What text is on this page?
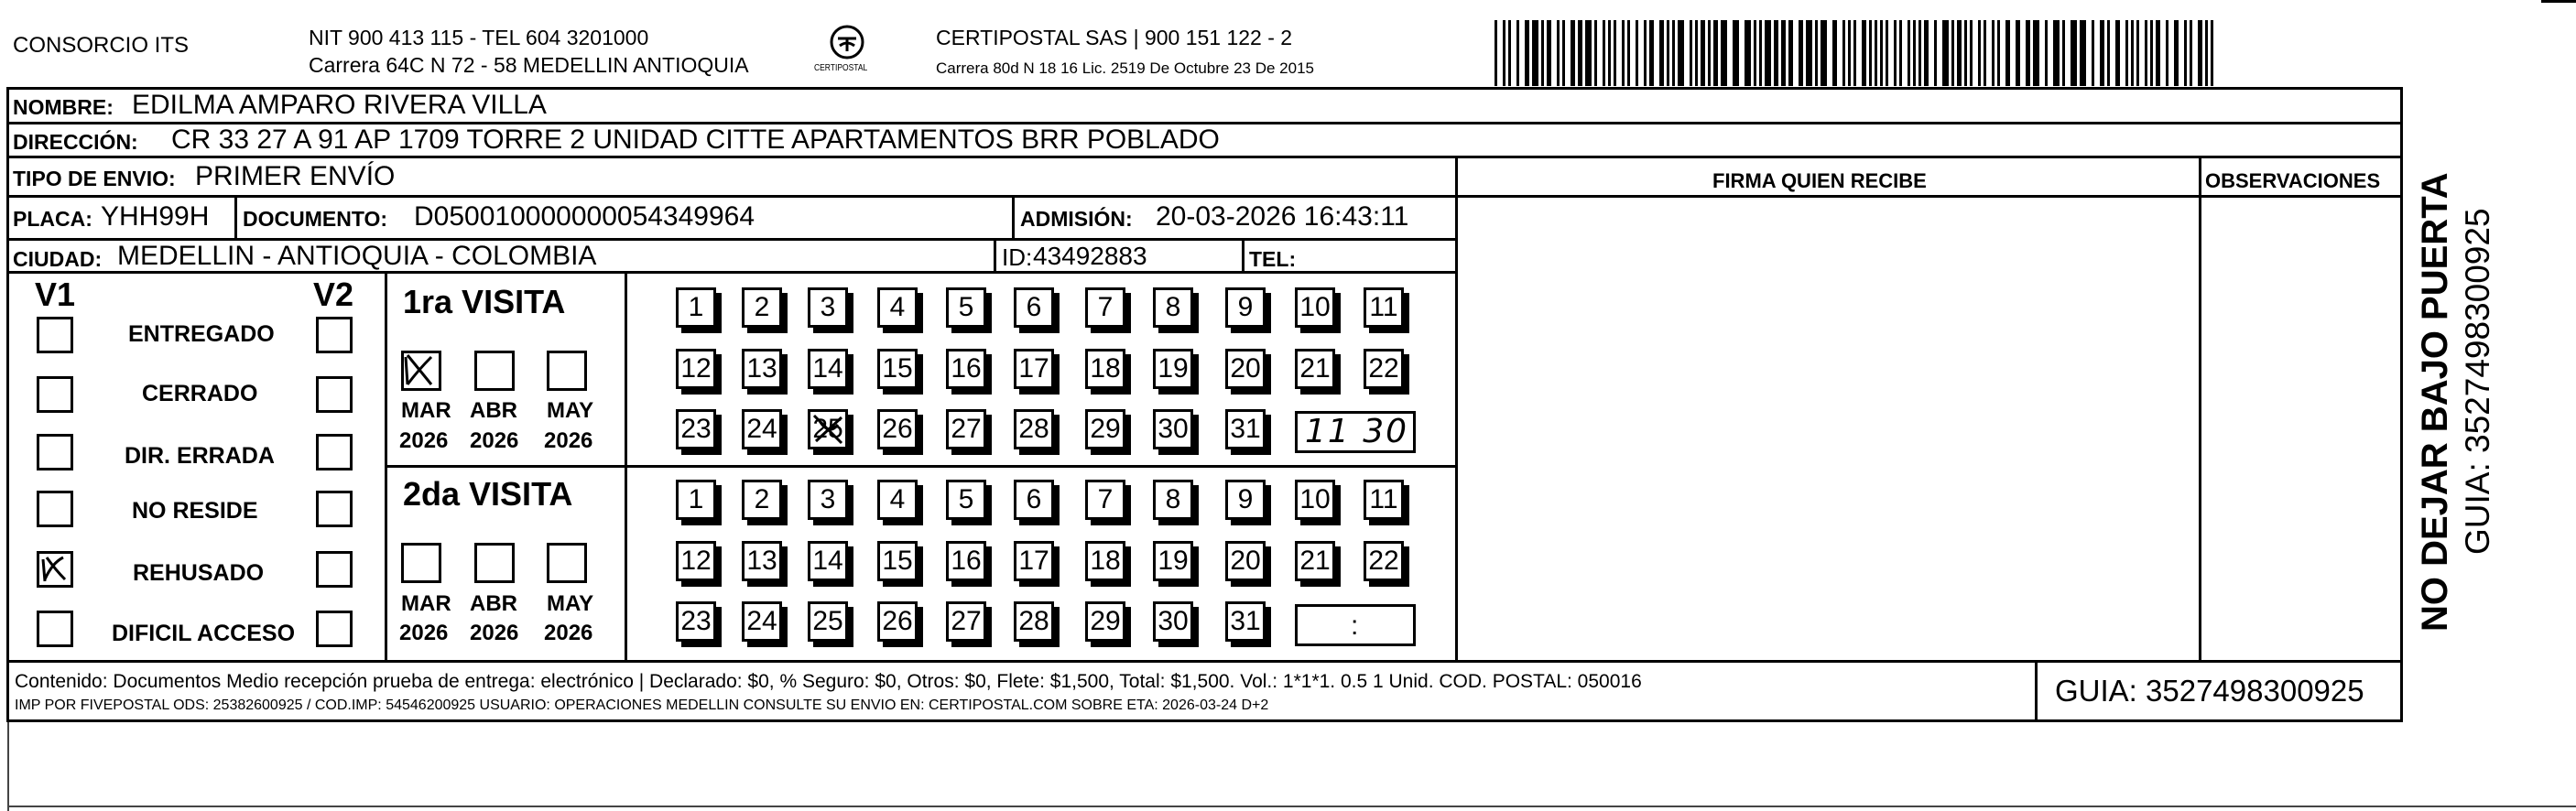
CONSORCIO ITS	NIT 900 413 115 - TEL 604 3201000
Carrera 64C N 72 - 58 MEDELLIN ANTIOQUIA	CERTIPOSTAL
CERTIPOSTAL SAS | 900 151 122 - 2
Carrera 80d N 18 16 Lic. 2519 De Octubre 23 De 2015
NOMBRE: EDILMA AMPARO RIVERA VILLA
DIRECCIÓN: CR 33 27 A 91 AP 1709 TORRE 2 UNIDAD CITTE APARTAMENTOS BRR POBLADO
TIPO DE ENVIO: PRIMER ENVÍO	FIRMA QUIEN RECIBE	OBSERVACIONES
PLACA: YHH99H DOCUMENTO: D050010000000054349964	ADMISIÓN: 20-03-2026 16:43:11
CIUDAD: MEDELLIN - ANTIOQUIA - COLOMBIA	ID: 43492883	TEL:
V1	V2
ENTREGADO
CERRADO
DIR. ERRADA
NO RESIDE
REHUSADO
DIFICIL ACCESO
1ra VISITA
MAR ABR MAY
2026 2026 2026
1 2 3 4 5 6 7 8 9 10 11
12 13 14 15 16 17 18 19 20 21 22
23 24 25 26 27 28 29 30 31 11 30
2da VISITA
MAR ABR MAY
2026 2026 2026
1 2 3 4 5 6 7 8 9 10 11
12 13 14 15 16 17 18 19 20 21 22
23 24 25 26 27 28 29 30 31	:
Contenido: Documentos Medio recepción prueba de entrega: electrónico | Declarado: $0, % Seguro: $0, Otros: $0, Flete: $1,500, Total: $1,500. Vol.: 1*1*1. 0.5 1 Unid. COD. POSTAL: 050016
IMP POR FIVEPOSTAL ODS: 25382600925 / COD.IMP: 54546200925 USUARIO: OPERACIONES MEDELLIN CONSULTE SU ENVIO EN: CERTIPOSTAL.COM SOBRE ETA: 2026-03-24 D+2	GUIA: 3527498300925
NO DEJAR BAJO PUERTA GUIA: 3527498300925
